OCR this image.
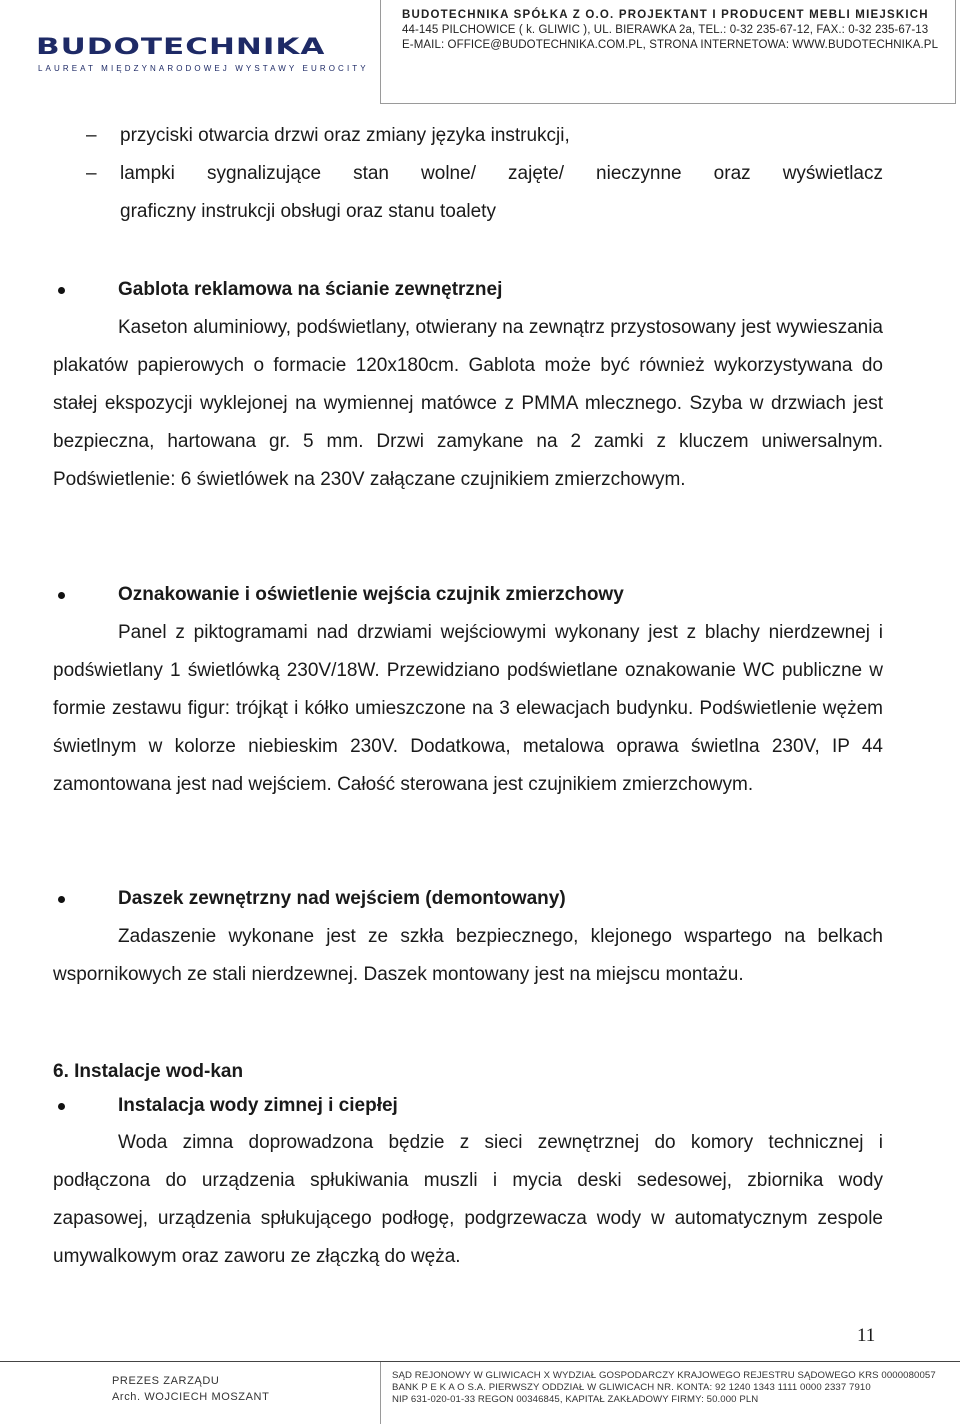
BUDOTECHNIKA
LAUREAT MIĘDZYNARODOWEJ WYSTAWY EUROCITY
BUDOTECHNIKA SPÓŁKA Z O.O. PROJEKTANT I PRODUCENT MEBLI MIEJSKICH
44-145 PILCHOWICE ( k. GLIWIC ), UL. BIERAWKA 2a, TEL.: 0-32 235-67-12, FAX.: 0-32 235-67-13
E-MAIL: OFFICE@BUDOTECHNIKA.COM.PL, STRONA INTERNETOWA: WWW.BUDOTECHNIKA.PL
– przyciski otwarcia drzwi oraz zmiany języka instrukcji,
– lampki sygnalizujące stan wolne/ zajęte/ nieczynne oraz wyświetlacz
graficzny instrukcji obsługi oraz stanu toalety
Gablota reklamowa na ścianie zewnętrznej
Kaseton aluminiowy, podświetlany, otwierany na zewnątrz przystosowany jest wywieszania plakatów papierowych o formacie 120x180cm. Gablota może być również wykorzystywana do stałej ekspozycji wyklejonej na wymiennej matówce z PMMA mlecznego. Szyba w drzwiach jest bezpieczna, hartowana gr. 5 mm. Drzwi zamykane na 2 zamki z kluczem uniwersalnym. Podświetlenie: 6 świetlówek na 230V załączane czujnikiem zmierzchowym.
Oznakowanie i oświetlenie wejścia czujnik zmierzchowy
Panel z piktogramami nad drzwiami wejściowymi wykonany jest z blachy nierdzewnej i podświetlany 1 świetlówką 230V/18W. Przewidziano podświetlane oznakowanie WC publiczne w formie zestawu figur: trójkąt i kółko umieszczone na 3 elewacjach budynku. Podświetlenie wężem świetlnym w kolorze niebieskim 230V. Dodatkowa, metalowa oprawa świetlna 230V, IP 44 zamontowana jest nad wejściem. Całość sterowana jest czujnikiem zmierzchowym.
Daszek zewnętrzny nad wejściem (demontowany)
Zadaszenie wykonane jest ze szkła bezpiecznego, klejonego wspartego na belkach wspornikowych ze stali nierdzewnej. Daszek montowany jest na miejscu montażu.
6. Instalacje wod-kan
Instalacja wody zimnej i ciepłej
Woda zimna doprowadzona będzie z sieci zewnętrznej do komory technicznej i podłączona do urządzenia spłukiwania muszli i mycia deski sedesowej, zbiornika wody zapasowej, urządzenia spłukującego podłogę, podgrzewacza wody w automatycznym zespole umywalkowym oraz zaworu ze złączką do węża.
11
PREZES ZARZĄDU
Arch. WOJCIECH MOSZANT
SĄD REJONOWY W GLIWICACH X WYDZIAŁ GOSPODARCZY KRAJOWEGO REJESTRU SĄDOWEGO KRS 0000080057
BANK P E K A O S.A. PIERWSZY ODDZIAŁ W GLIWICACH NR. KONTA: 92 1240 1343 1111 0000 2337 7910
NIP 631-020-01-33 REGON 00346845, KAPITAŁ ZAKŁADOWY FIRMY: 50.000 PLN
